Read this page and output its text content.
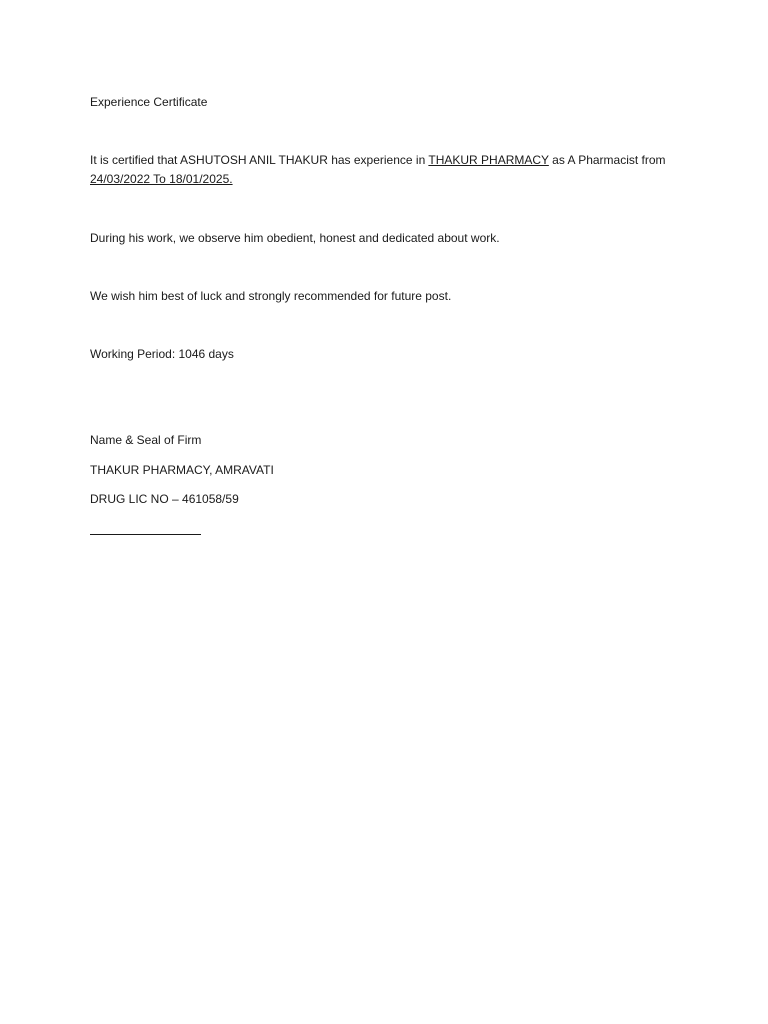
Experience Certificate
It is certified that ASHUTOSH ANIL THAKUR has experience in THAKUR PHARMACY as A Pharmacist from
24/03/2022 To 18/01/2025.
During his work, we observe him obedient, honest and dedicated about work.
We wish him best of luck and strongly recommended for future post.
Working Period: 1046 days
Name & Seal of Firm
THAKUR PHARMACY, AMRAVATI
DRUG LIC NO – 461058/59
